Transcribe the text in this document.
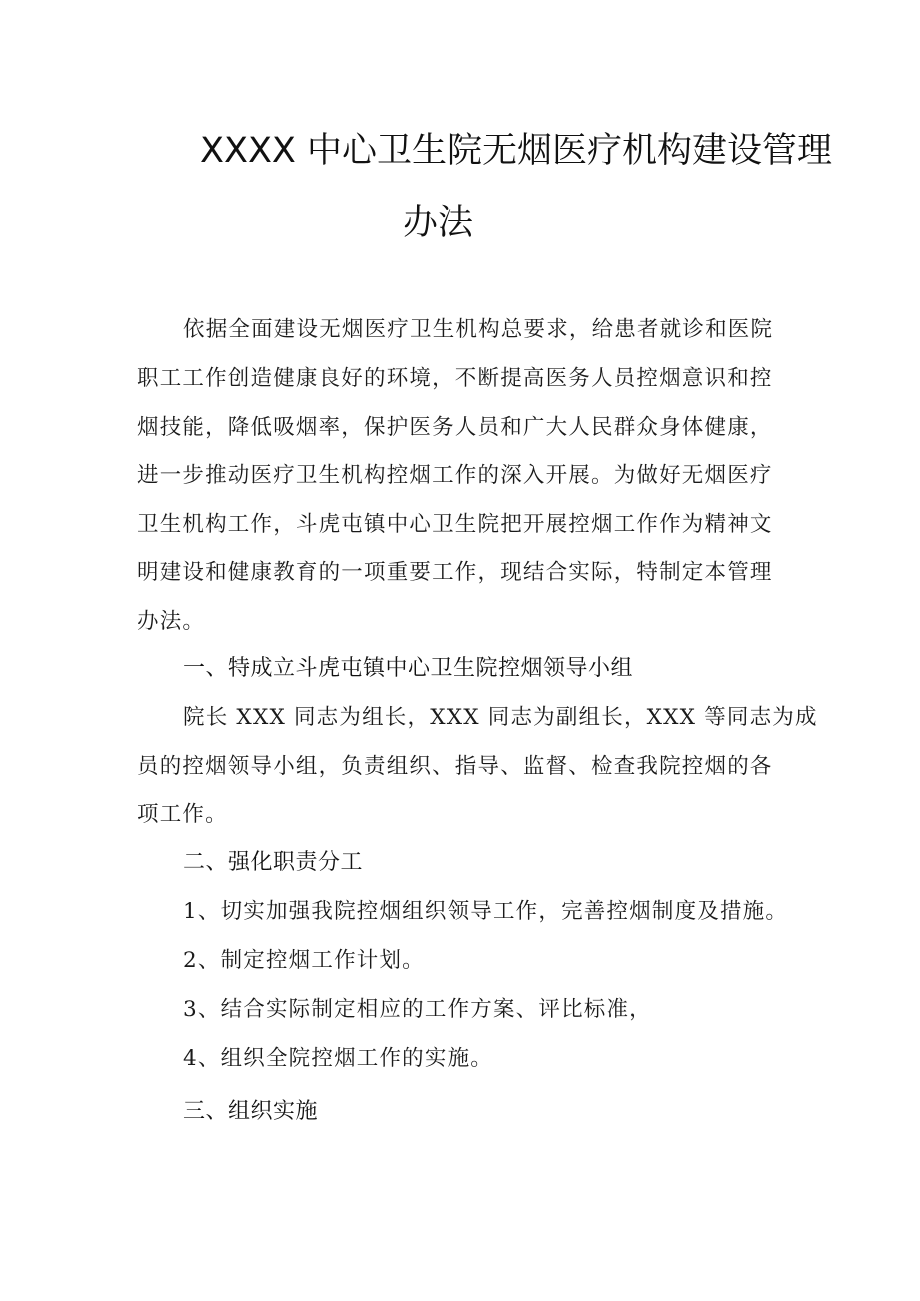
XXXX 中心卫生院无烟医疗机构建设管理
办法
依据全面建设无烟医疗卫生机构总要求，给患者就诊和医院
职工工作创造健康良好的环境，不断提高医务人员控烟意识和控
烟技能，降低吸烟率，保护医务人员和广大人民群众身体健康，
进一步推动医疗卫生机构控烟工作的深入开展。为做好无烟医疗
卫生机构工作，斗虎屯镇中心卫生院把开展控烟工作作为精神文
明建设和健康教育的一项重要工作，现结合实际，特制定本管理
办法。
一、特成立斗虎屯镇中心卫生院控烟领导小组
院长 XXX 同志为组长，XXX 同志为副组长，XXX 等同志为成
员的控烟领导小组，负责组织、指导、监督、检查我院控烟的各
项工作。
二、强化职责分工
1、切实加强我院控烟组织领导工作，完善控烟制度及措施。
2、制定控烟工作计划。
3、结合实际制定相应的工作方案、评比标准，
4、组织全院控烟工作的实施。
三、组织实施
